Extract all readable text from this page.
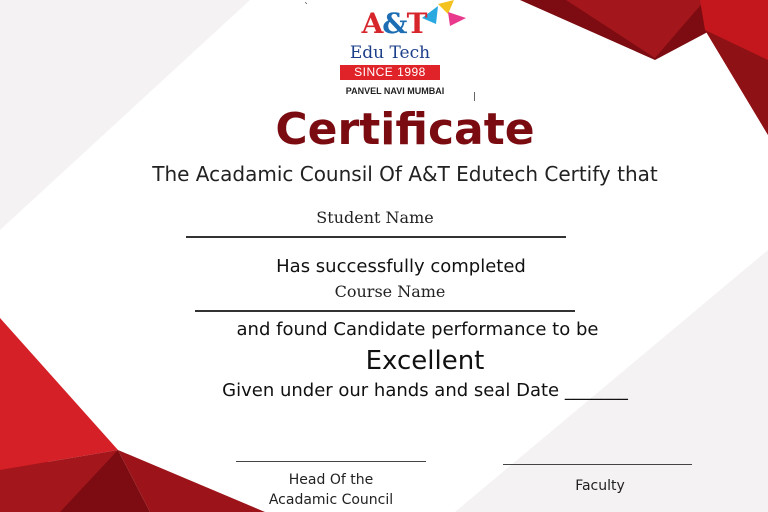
`	A&T
Edu Tech
SINCE 1998
PANVEL NAVI MUMBAI
Certificate
The Acadamic Counsil Of A&T Edutech Certify that
Student Name
Has successfully completed
Course Name
and found Candidate performance to be
Excellent
Given under our hands and seal Date _______
Head Of the
Acadamic Council
Faculty
